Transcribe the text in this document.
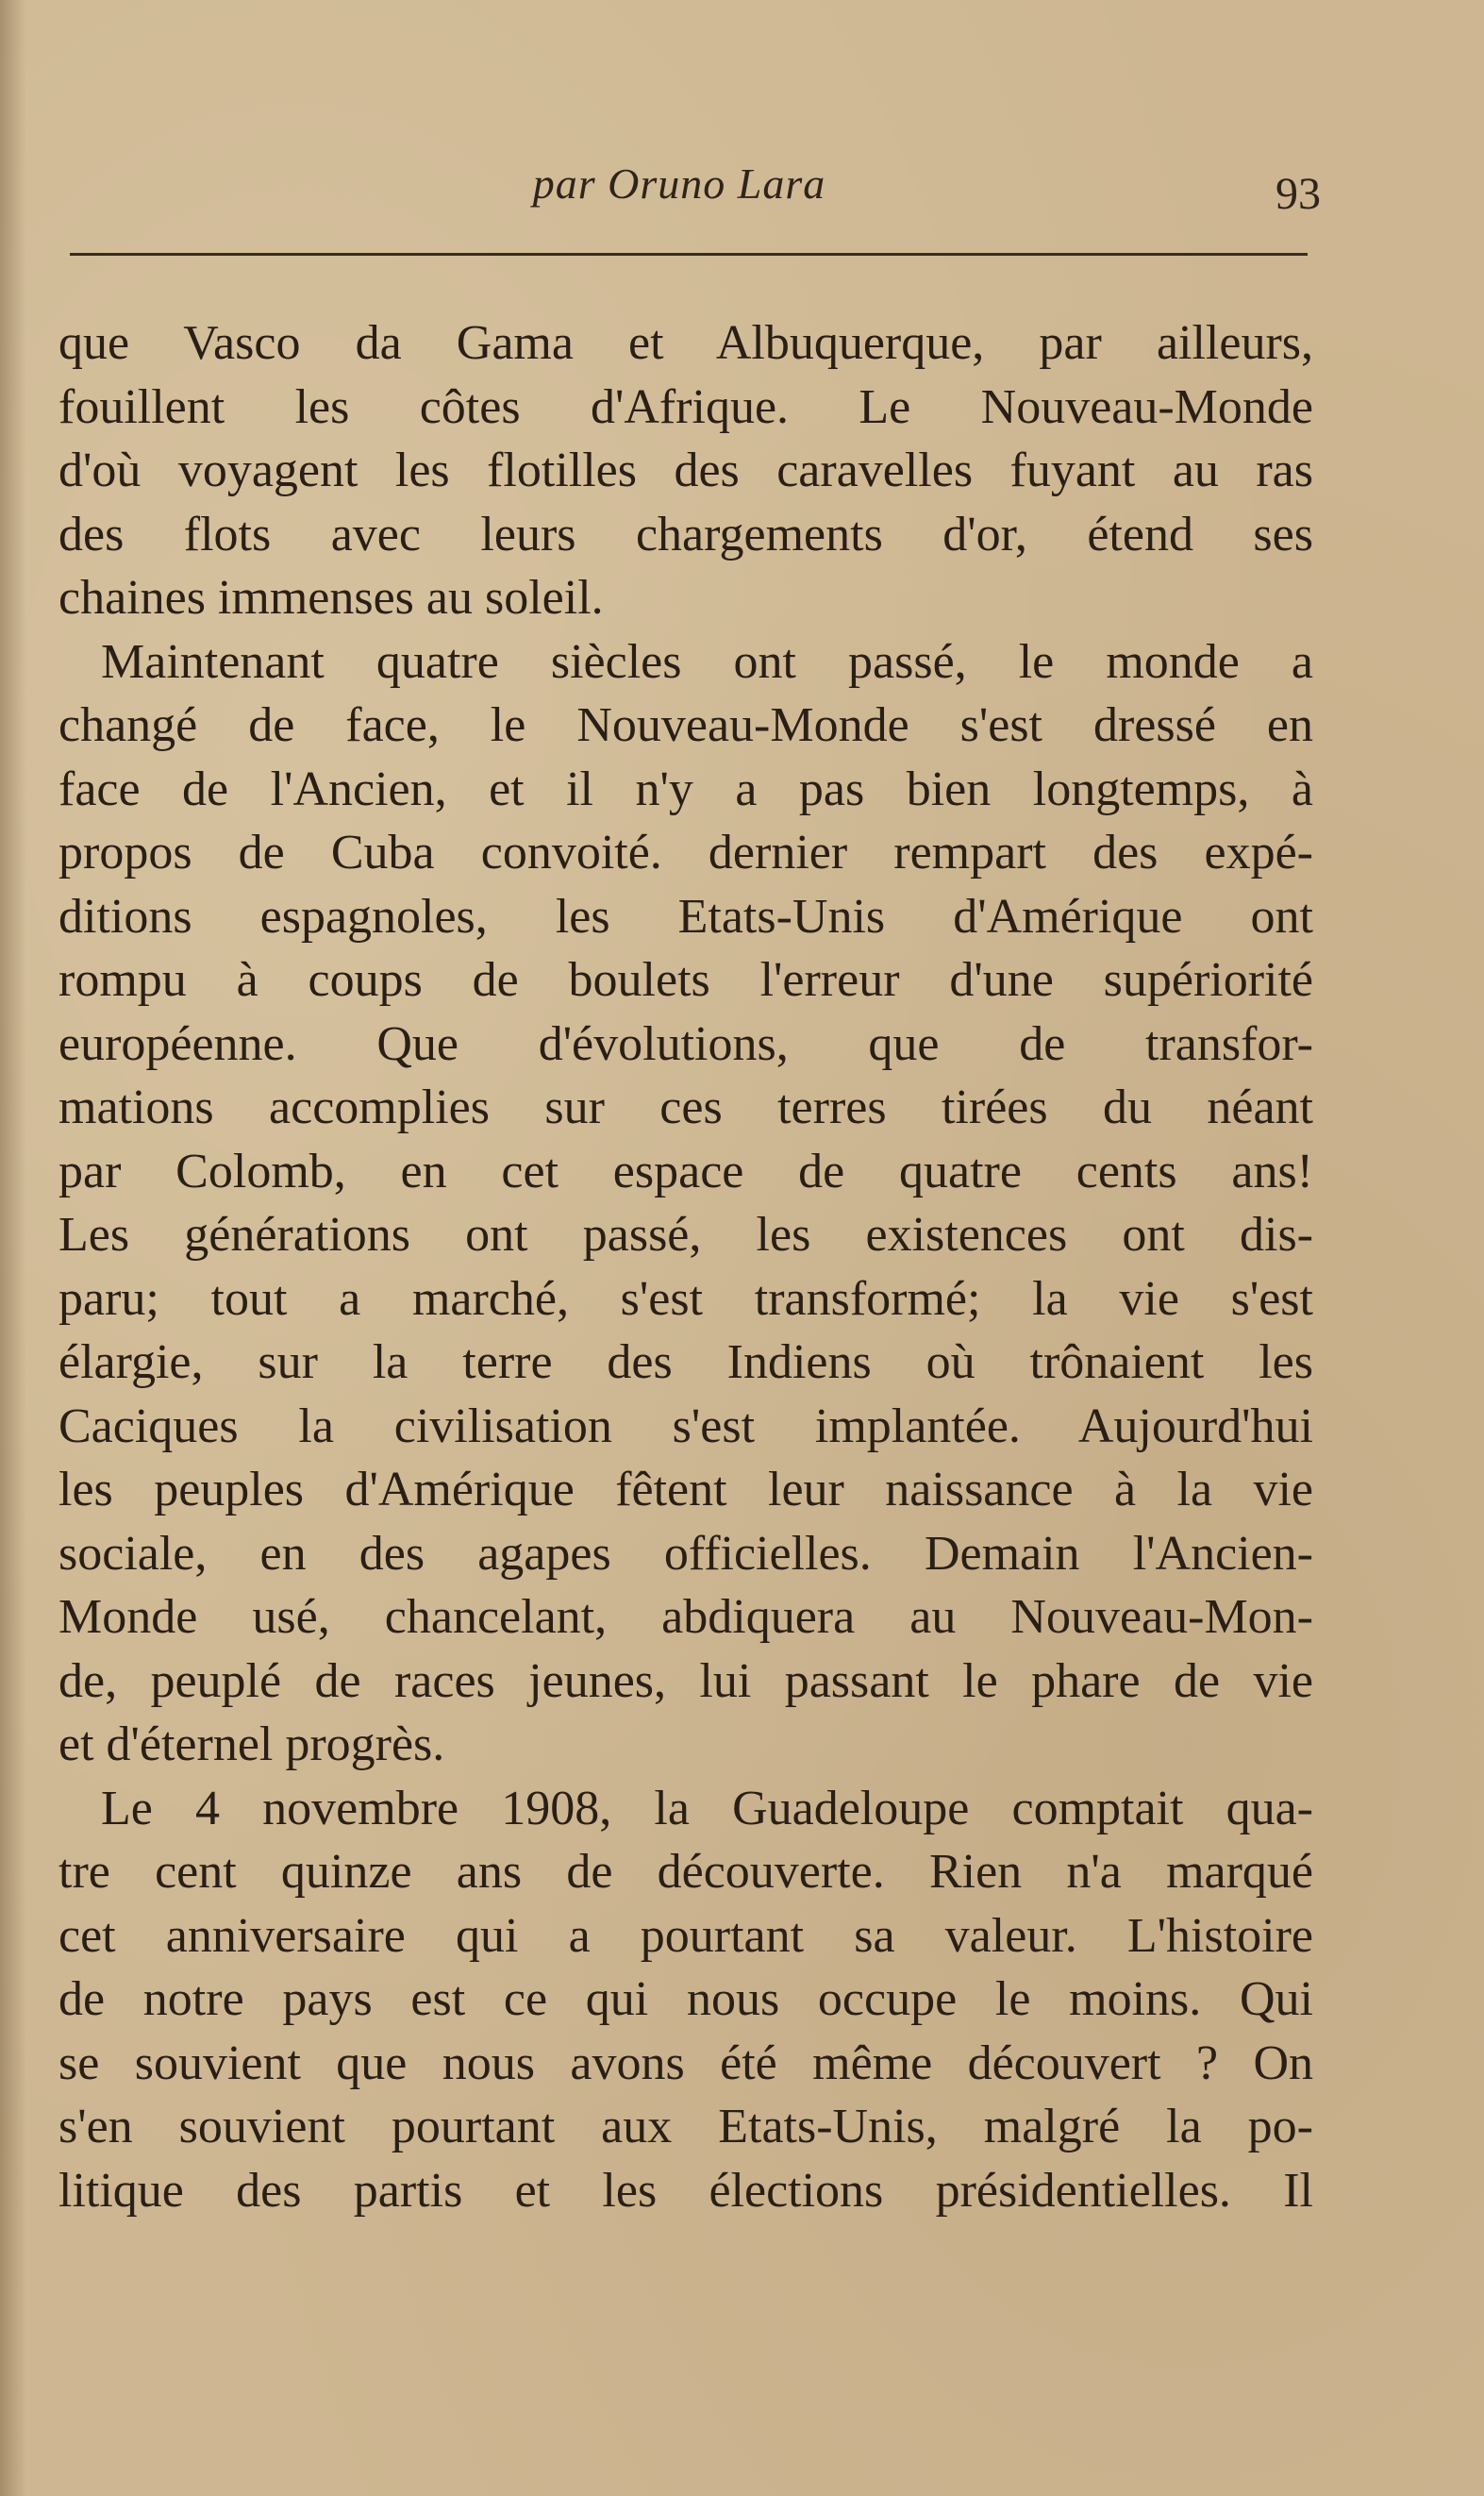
par Oruno Lara	93
que Vasco da Gama et Albuquerque, par ailleurs,
fouillent les côtes d'Afrique. Le Nouveau-Monde
d'où voyagent les flotilles des caravelles fuyant au ras
des flots avec leurs chargements d'or, étend ses
chaines immenses au soleil.
Maintenant quatre siècles ont passé, le monde a
changé de face, le Nouveau-Monde s'est dressé en
face de l'Ancien, et il n'y a pas bien longtemps, à
propos de Cuba convoité. dernier rempart des expé-
ditions espagnoles, les Etats-Unis d'Amérique ont
rompu à coups de boulets l'erreur d'une supériorité
européenne. Que d'évolutions, que de transfor-
mations accomplies sur ces terres tirées du néant
par Colomb, en cet espace de quatre cents ans!
Les générations ont passé, les existences ont dis-
paru; tout a marché, s'est transformé; la vie s'est
élargie, sur la terre des Indiens où trônaient les
Caciques la civilisation s'est implantée. Aujourd'hui
les peuples d'Amérique fêtent leur naissance à la vie
sociale, en des agapes officielles. Demain l'Ancien-
Monde usé, chancelant, abdiquera au Nouveau-Mon-
de, peuplé de races jeunes, lui passant le phare de vie
et d'éternel progrès.
Le 4 novembre 1908, la Guadeloupe comptait qua-
tre cent quinze ans de découverte. Rien n'a marqué
cet anniversaire qui a pourtant sa valeur. L'histoire
de notre pays est ce qui nous occupe le moins. Qui
se souvient que nous avons été même découvert ? On
s'en souvient pourtant aux Etats-Unis, malgré la po-
litique des partis et les élections présidentielles. Il
